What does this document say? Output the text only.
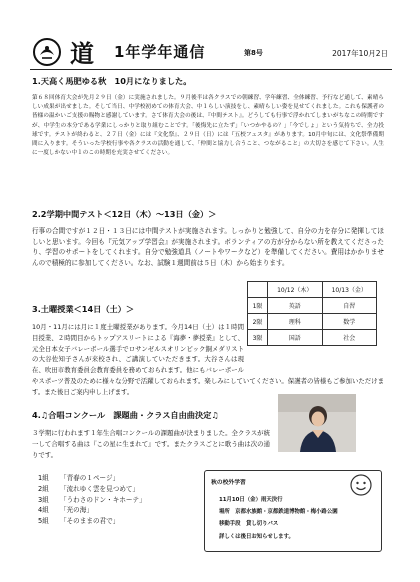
道 1年学年通信	第8号	2017年10月2日
1.天高く馬肥ゆる秋　10月になりました。
第６８回体育大会が先月２９日（金）に実施されました。９月後半は各クラスでの朝練習、学年練習、全体練習、予行など通して、素晴らしい成果が出せました。そして当日、中学校初めての体育大会、中１らしい演技をし、素晴らしい姿を見せてくれました。これも保護者の皆様の温かいご支援の賜物と感謝しています。さて体育大会の後は、『中間テスト』。どうしても行事で浮かれてしまいがちなこの時期ですが、中学生の本分である学業にしっかりと取り組むことです。「後悔先に立たず」「いつかやるの？」「今でしょ」という気持ちで、全力投球です。テストが終わると、２７日（金）には『文化祭』、２９日（日）には『五校フェスタ』があります。10月中旬には、文化祭準備期間に入ります。そういった学校行事や各クラスの活動を通して、「仲間と協力し合うこと、つながること」の大切さを感じて下さい。人生に一度しかない中１のこの時期を充実させてください。
2.2学期中間テスト＜12日（木）～13日（金）＞
行事の合間ですが１２日・１３日には中間テストが実施されます。しっかりと勉強して、自分の力を存分に発揮してほしいと思います。今回も『元気アップ学習会』が実施されます。ボランティアの方が分からない所を教えてくださったり、学習のサポートをしてくれます。自分で勉強道具（ノートやワークなど）を準備してください。費用はかかりませんので積極的に参加してください。なお、試験１週間前は５日（木）から始まります。
3.土曜授業＜14日（土）＞
10月・11月には月に１度土曜授業があります。今月14日（土）は１時間目授業、２時間目からトップアスリートによる『海夢・夢授業』として、元全日本女子バレーボール選手でロサンゼルスオリンピック銅メダリストの大谷佐知子さんが来校され、ご講演していただきます。大谷さんは現在、吹田市教育委員会教育委員を務めておられます。他にもバレーボールやスポーツ普及のために様々な分野で活躍しておられます。楽しみにしていてください。保護者の皆様もご参加いただけます。また後日ご案内申し上げます。
	10/12（木）	10/13（金）
1限	英語	自習
2限	理科	数学
3限	国語	社会
4.♫合唱コンクール　課題曲・クラス自由曲決定♫
３学期に行われます１年生合唱コンクールの課題曲が決まりました。全クラスが統一して合唱する曲は『この星に生まれて』です。またクラスごとに歌う曲は次の通りです。
1組 「青春の１ページ」
2組 「流れゆく雲を見つめて」
3組 「うわさのドン・キホーテ」
4組 「光の海」
5組 「そのままの君で」
秋の校外学習
11月10日（金）雨天決行
場所　京都水族館・京都鉄道博物館・梅小路公園
移動手段　貸し切りバス
詳しくは後日お知らせします。
